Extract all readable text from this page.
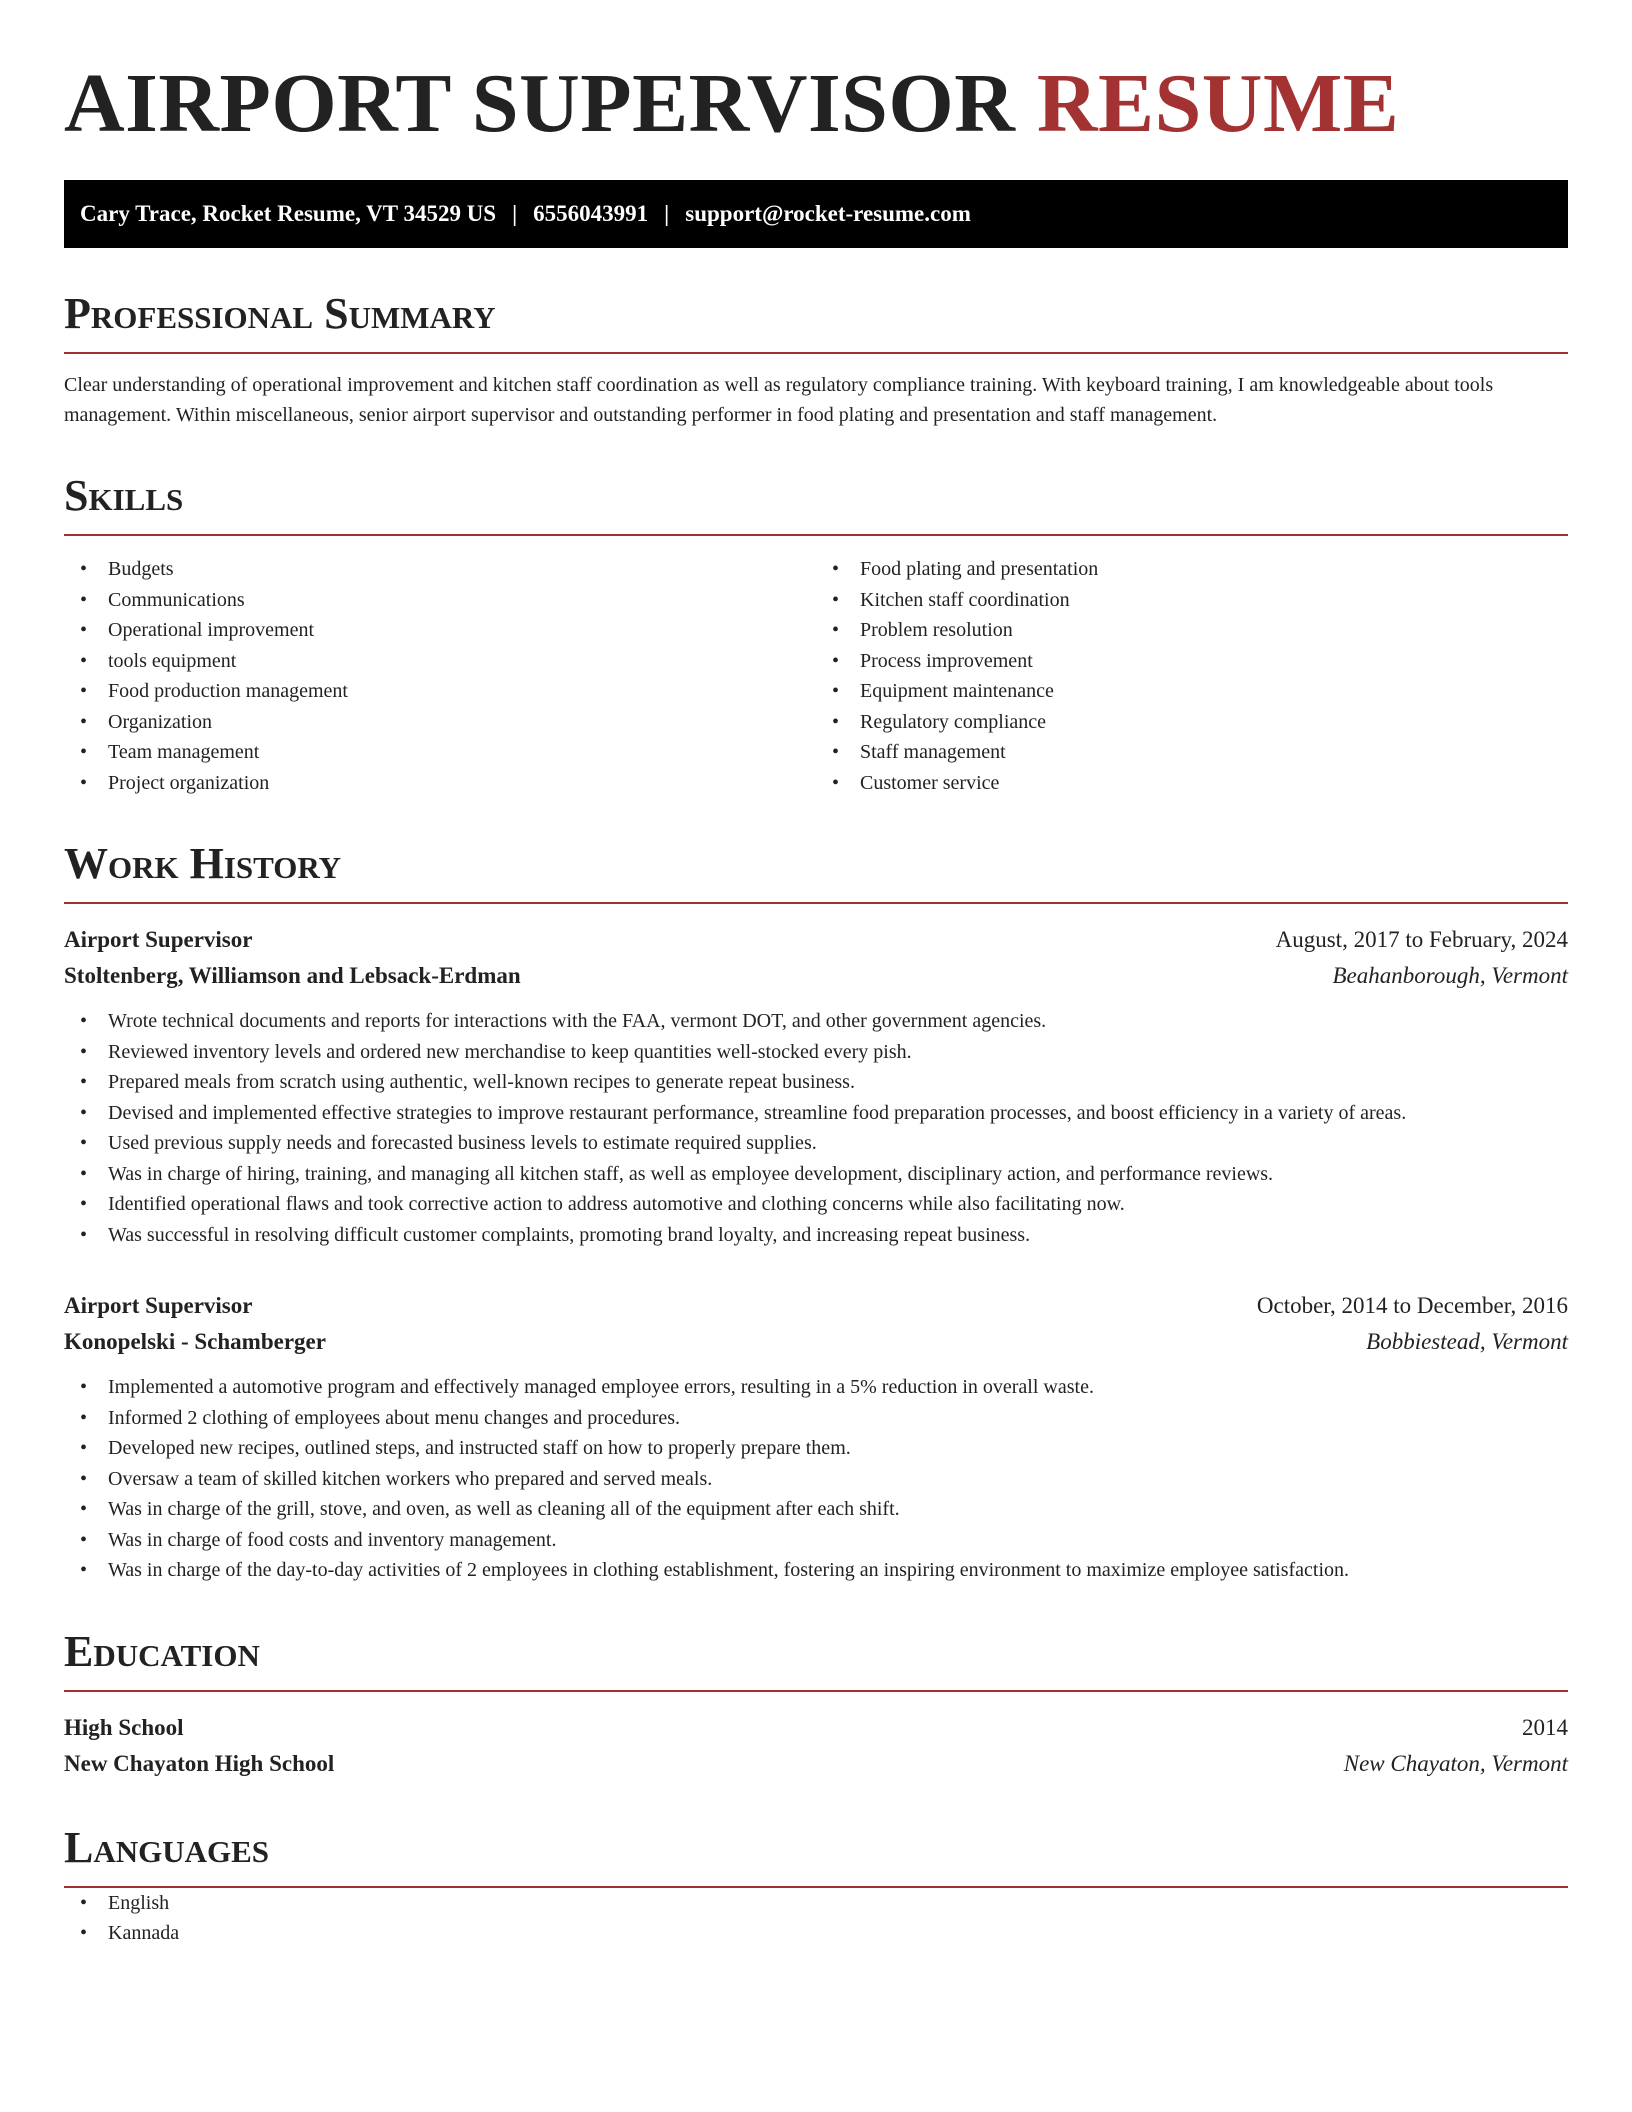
AIRPORT SUPERVISOR RESUME
Cary Trace, Rocket Resume, VT 34529 US | 6556043991 | support@rocket-resume.com
Professional Summary

Clear understanding of operational improvement and kitchen staff coordination as well as regulatory compliance training. With keyboard training, I am knowledgeable about tools management. Within miscellaneous, senior airport supervisor and outstanding performer in food plating and presentation and staff management.

Skills
• Budgets
• Communications
• Operational improvement
• tools equipment
• Food production management
• Organization
• Team management
• Project organization
• Food plating and presentation
• Kitchen staff coordination
• Problem resolution
• Process improvement
• Equipment maintenance
• Regulatory compliance
• Staff management
• Customer service
Work History
Airport Supervisor	August, 2017 to February, 2024
Stoltenberg, Williamson and Lebsack-Erdman	Beahanborough, Vermont
• Wrote technical documents and reports for interactions with the FAA, vermont DOT, and other government agencies.
• Reviewed inventory levels and ordered new merchandise to keep quantities well-stocked every pish.
• Prepared meals from scratch using authentic, well-known recipes to generate repeat business.
• Devised and implemented effective strategies to improve restaurant performance, streamline food preparation processes, and boost efficiency in a variety of areas.
• Used previous supply needs and forecasted business levels to estimate required supplies.
• Was in charge of hiring, training, and managing all kitchen staff, as well as employee development, disciplinary action, and performance reviews.
• Identified operational flaws and took corrective action to address automotive and clothing concerns while also facilitating now.
• Was successful in resolving difficult customer complaints, promoting brand loyalty, and increasing repeat business.
Airport Supervisor	October, 2014 to December, 2016
Konopelski - Schamberger	Bobbiestead, Vermont
• Implemented a automotive program and effectively managed employee errors, resulting in a 5% reduction in overall waste.
• Informed 2 clothing of employees about menu changes and procedures.
• Developed new recipes, outlined steps, and instructed staff on how to properly prepare them.
• Oversaw a team of skilled kitchen workers who prepared and served meals.
• Was in charge of the grill, stove, and oven, as well as cleaning all of the equipment after each shift.
• Was in charge of food costs and inventory management.
• Was in charge of the day-to-day activities of 2 employees in clothing establishment, fostering an inspiring environment to maximize employee satisfaction.
Education
High School	2014
New Chayaton High School	New Chayaton, Vermont
Languages
• English
• Kannada
